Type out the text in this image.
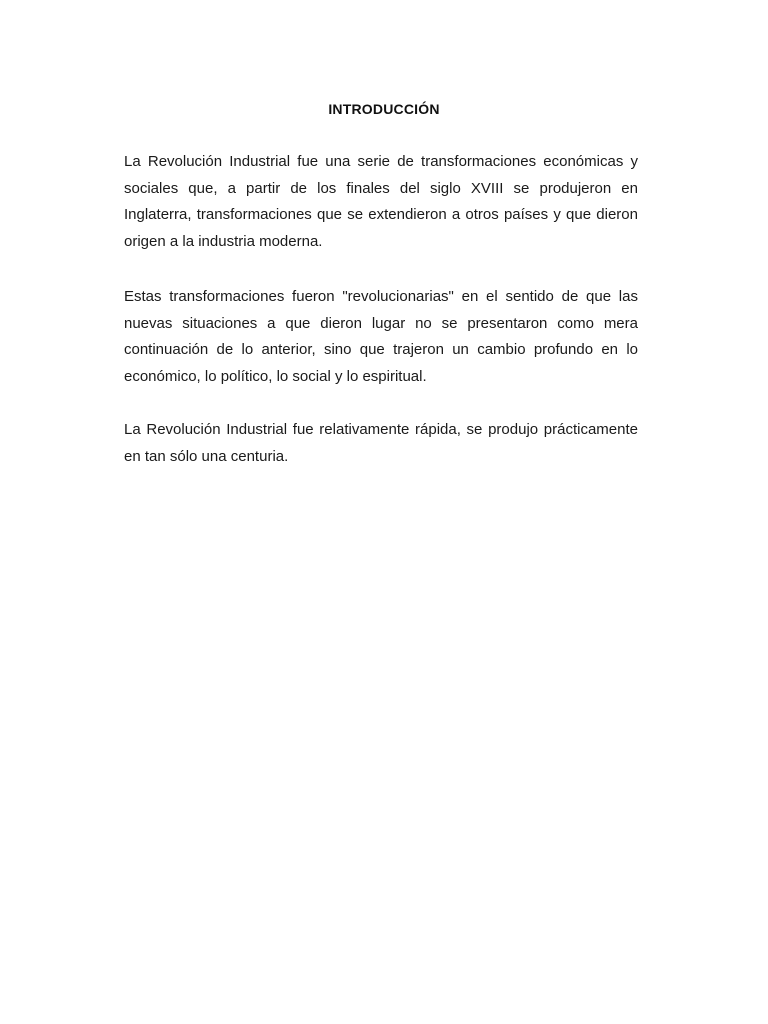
INTRODUCCIÓN

La Revolución Industrial fue una serie de transformaciones económicas y sociales que, a partir de los finales del siglo XVIII se produjeron en Inglaterra, transformaciones que se extendieron a otros países y que dieron origen a la industria moderna.

Estas transformaciones fueron "revolucionarias" en el sentido de que las nuevas situaciones a que dieron lugar no se presentaron como mera continuación de lo anterior, sino que trajeron un cambio profundo en lo económico, lo político, lo social y lo espiritual.

La Revolución Industrial fue relativamente rápida, se produjo prácticamente en tan sólo una centuria.
